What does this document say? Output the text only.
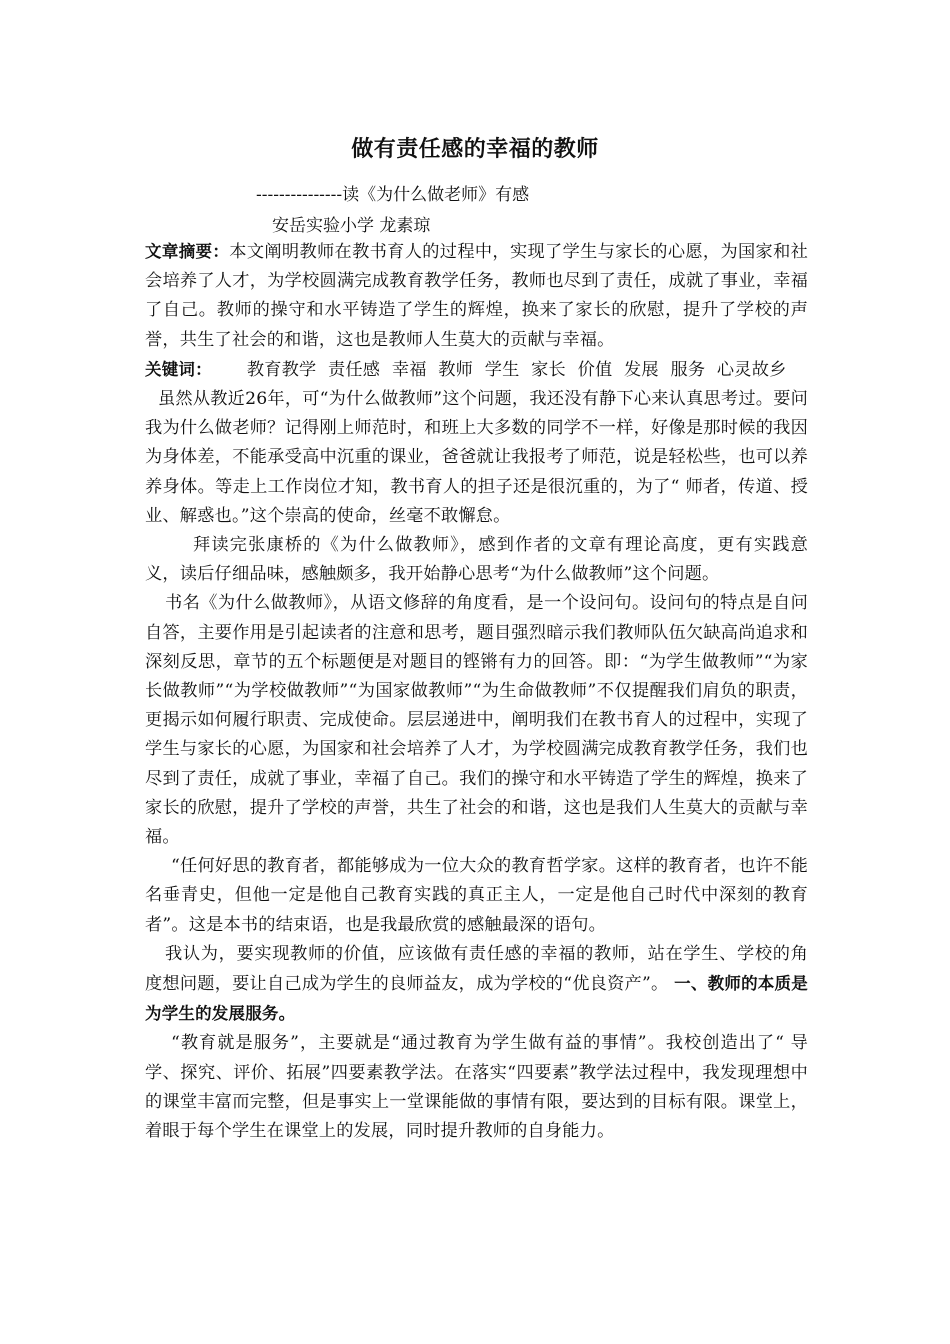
做有责任感的幸福的教师
---------------读《为什么做老师》有感
安岳实验小学 龙素琼

文章摘要：本文阐明教师在教书育人的过程中，实现了学生与家长的心愿，为国家和社会培养了人才，为学校圆满完成教育教学任务，教师也尽到了责任，成就了事业，幸福了自己。教师的操守和水平铸造了学生的辉煌，换来了家长的欣慰，提升了学校的声誉，共生了社会的和谐，这也是教师人生莫大的贡献与幸福。

关键词： 教育教学 责任感 幸福 教师 学生 家长 价值 发展 服务 心灵故乡

虽然从教近26年，可“为什么做教师”这个问题，我还没有静下心来认真思考过。要问我为什么做老师？记得刚上师范时，和班上大多数的同学不一样，好像是那时候的我因为身体差，不能承受高中沉重的课业，爸爸就让我报考了师范，说是轻松些，也可以养养身体。等走上工作岗位才知，教书育人的担子还是很沉重的，为了“ 师者，传道、授业、解惑也。”这个崇高的使命，丝毫不敢懈怠。

拜读完张康桥的《为什么做教师》，感到作者的文章有理论高度，更有实践意义，读后仔细品味，感触颇多，我开始静心思考“为什么做教师”这个问题。

书名《为什么做教师》，从语文修辞的角度看，是一个设问句。设问句的特点是自问自答，主要作用是引起读者的注意和思考，题目强烈暗示我们教师队伍欠缺高尚追求和深刻反思，章节的五个标题便是对题目的铿锵有力的回答。即：“为学生做教师”“为家长做教师”“为学校做教师”“为国家做教师”“为生命做教师”不仅提醒我们肩负的职责，更揭示如何履行职责、完成使命。层层递进中，阐明我们在教书育人的过程中，实现了学生与家长的心愿，为国家和社会培养了人才，为学校圆满完成教育教学任务，我们也尽到了责任，成就了事业，幸福了自己。我们的操守和水平铸造了学生的辉煌，换来了家长的欣慰，提升了学校的声誉，共生了社会的和谐，这也是我们人生莫大的贡献与幸福。

“任何好思的教育者，都能够成为一位大众的教育哲学家。这样的教育者，也许不能名垂青史，但他一定是他自己教育实践的真正主人，一定是他自己时代中深刻的教育者”。这是本书的结束语，也是我最欣赏的感触最深的语句。

我认为，要实现教师的价值，应该做有责任感的幸福的教师，站在学生、学校的角度想问题，要让自己成为学生的良师益友，成为学校的“优良资产”。 一、教师的本质是为学生的发展服务。

“教育就是服务”，主要就是“通过教育为学生做有益的事情”。我校创造出了“ 导学、探究、评价、拓展”四要素教学法。在落实“四要素”教学法过程中，我发现理想中的课堂丰富而完整，但是事实上一堂课能做的事情有限，要达到的目标有限。课堂上，着眼于每个学生在课堂上的发展，同时提升教师的自身能力。
